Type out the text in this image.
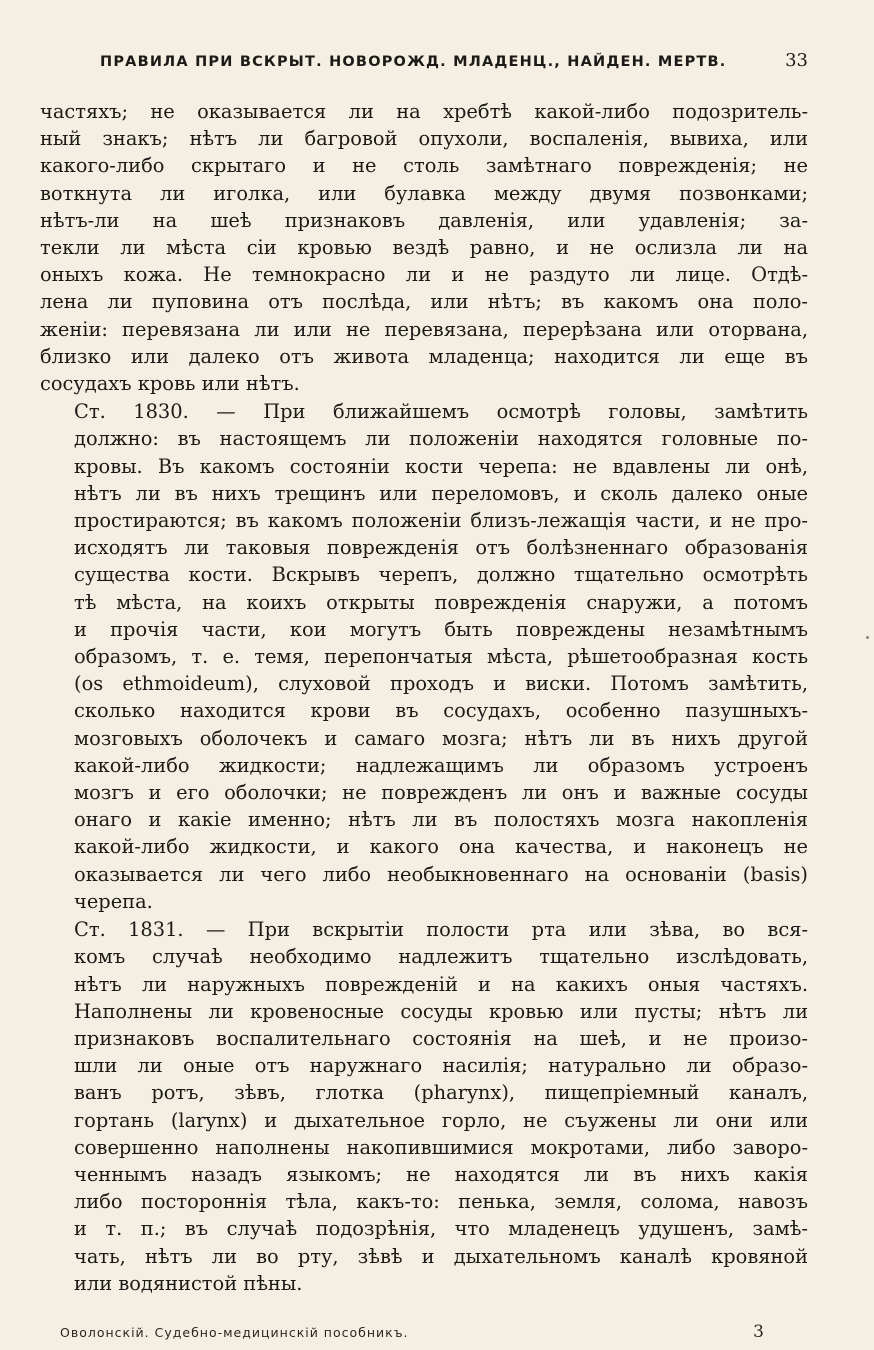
ПРАВИЛА ПРИ ВСКРЫТ. НОВОРОЖД. МЛАДЕНЦ., НАЙДЕН. МЕРТВ.	33

частяхъ; не оказывается ли на хребтѣ какой-либо подозритель-
ный знакъ; нѣтъ ли багровой опухоли, воспаленія, вывиха, или
какого-либо скрытаго и не столь замѣтнаго поврежденія; не
воткнута ли иголка, или булавка между двумя позвонками;
нѣтъ-ли на шеѣ признаковъ давленія, или удавленія; за-
текли ли мѣста сіи кровью вездѣ равно, и не ослизла ли на
оныхъ кожа. Не темнокрасно ли и не раздуто ли лице. Отдѣ-
лена ли пуповина отъ послѣда, или нѣтъ; въ какомъ она поло-
женіи: перевязана ли или не перевязана, перерѣзана или оторвана,
близко или далеко отъ живота младенца; находится ли еще въ
сосудахъ кровь или нѣтъ.

Ст. 1830. — При ближайшемъ осмотрѣ головы, замѣтить
должно: въ настоящемъ ли положеніи находятся головные по-
кровы. Въ какомъ состояніи кости черепа: не вдавлены ли онѣ,
нѣтъ ли въ нихъ трещинъ или переломовъ, и сколь далеко оные
простираются; въ какомъ положеніи близъ-лежащія части, и не про-
исходятъ ли таковыя поврежденія отъ болѣзненнаго образованія
существа кости. Вскрывъ черепъ, должно тщательно осмотрѣть
тѣ мѣста, на коихъ открыты поврежденія снаружи, а потомъ
и прочія части, кои могутъ быть повреждены незамѣтнымъ
образомъ, т. е. темя, перепончатыя мѣста, рѣшетообразная кость
(os ethmoideum), слуховой проходъ и виски. Потомъ замѣтить,
сколько находится крови въ сосудахъ, особенно пазушныхъ-
мозговыхъ оболочекъ и самаго мозга; нѣтъ ли въ нихъ другой
какой-либо жидкости; надлежащимъ ли образомъ устроенъ
мозгъ и его оболочки; не поврежденъ ли онъ и важные сосуды
онаго и какіе именно; нѣтъ ли въ полостяхъ мозга накопленія
какой-либо жидкости, и какого она качества, и наконецъ не
оказывается ли чего либо необыкновеннаго на основаніи (basis)
черепа.

Ст. 1831. — При вскрытіи полости рта или зѣва, во вся-
комъ случаѣ необходимо надлежитъ тщательно изслѣдовать,
нѣтъ ли наружныхъ поврежденій и на какихъ оныя частяхъ.
Наполнены ли кровеносные сосуды кровью или пусты; нѣтъ ли
признаковъ воспалительнаго состоянія на шеѣ, и не произо-
шли ли оные отъ наружнаго насилія; натурально ли образо-
ванъ ротъ, зѣвъ, глотка (pharynx), пищепріемный каналъ,
гортань (larynx) и дыхательное горло, не съужены ли они или
совершенно наполнены накопившимися мокротами, либо заворо-
ченнымъ назадъ языкомъ; не находятся ли въ нихъ какія
либо постороннія тѣла, какъ-то: пенька, земля, солома, навозъ
и т. п.; въ случаѣ подозрѣнія, что младенецъ удушенъ, замѣ-
чать, нѣтъ ли во рту, зѣвѣ и дыхательномъ каналѣ кровяной
или водянистой пѣны.

Оволонскій. Судебно-медицинскій пособникъ.	3
